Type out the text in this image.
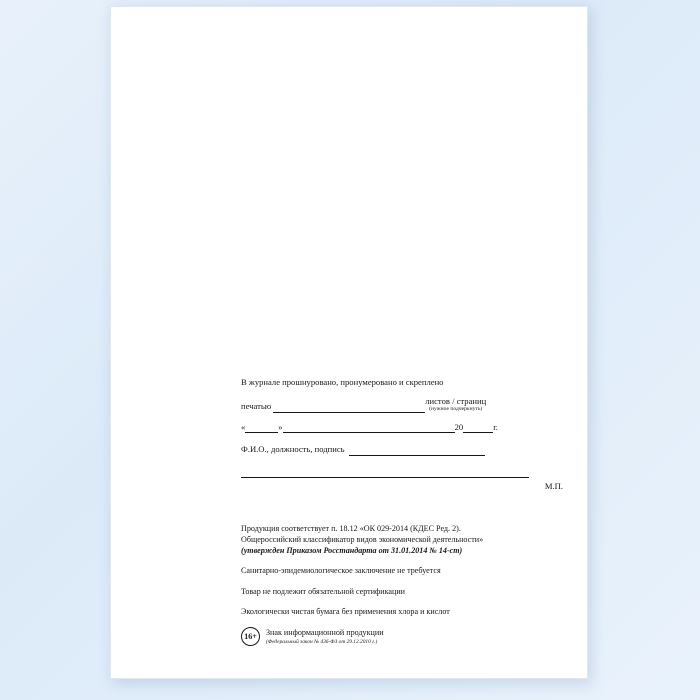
В журнале прошнуровано, пронумеровано и скреплено
печатью
листов / страниц
(нужное подчеркнуть)
«	»	20	г.
Ф.И.О., должность, подпись
М.П.
Продукция соответствует п. 18.12 «ОК 029-2014 (КДЕС Ред. 2).
Общероссийский классификатор видов экономической деятельности»
(утвержден Приказом Росстандарта от 31.01.2014 № 14-ст)
Санитарно-эпидемиологическое заключение не требуется
Товар не подлежит обязательной сертификации
Экологически чистая бумага без применения хлора и кислот
16+	Знак информационной продукции
(Федеральный закон № 436-ФЗ от 29.12.2010 г.)
